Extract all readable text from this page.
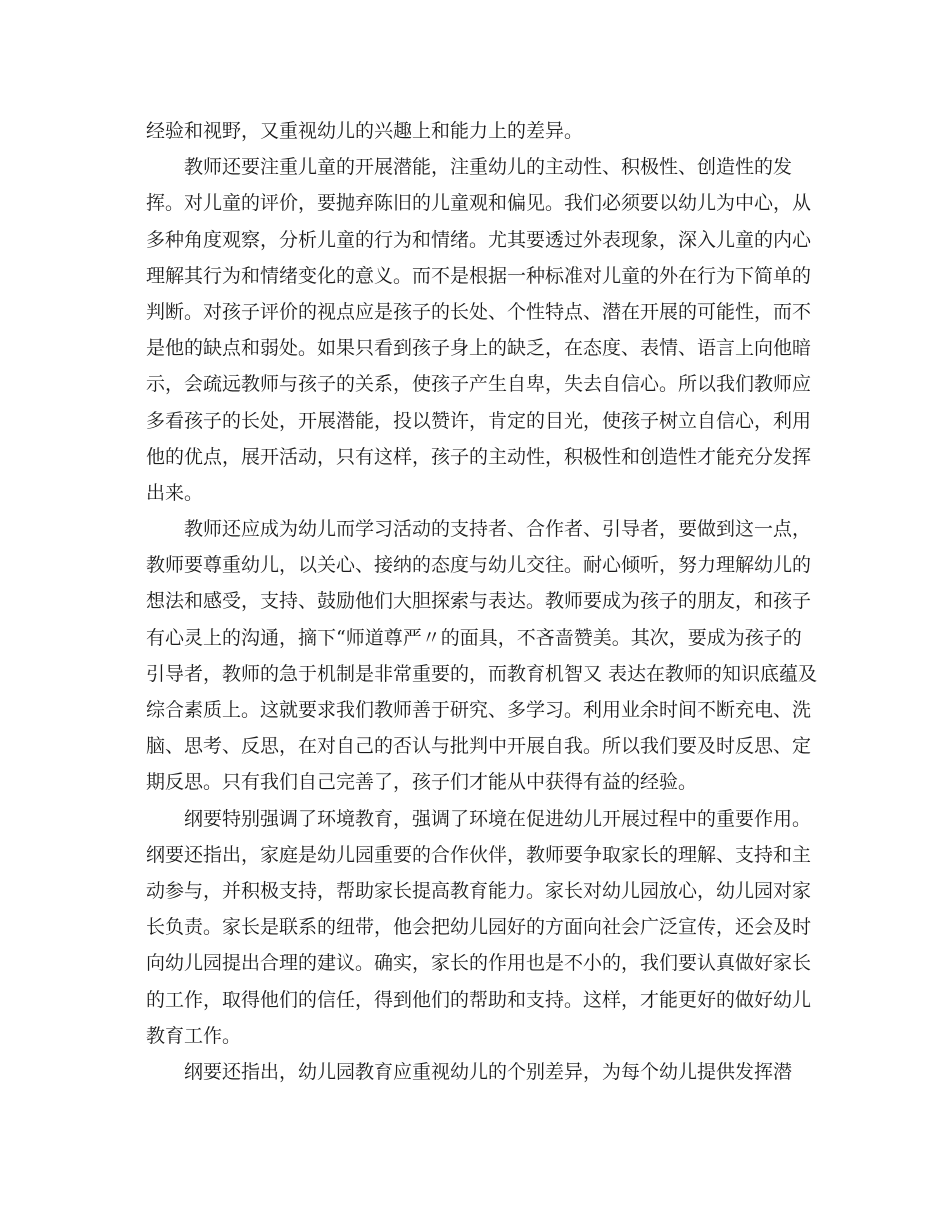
经验和视野，又重视幼儿的兴趣上和能力上的差异。
教师还要注重儿童的开展潜能，注重幼儿的主动性、积极性、创造性的发
挥。对儿童的评价，要抛弃陈旧的儿童观和偏见。我们必须要以幼儿为中心，从
多种角度观察，分析儿童的行为和情绪。尤其要透过外表现象，深入儿童的内心
理解其行为和情绪变化的意义。而不是根据一种标准对儿童的外在行为下简单的
判断。对孩子评价的视点应是孩子的长处、个性特点、潜在开展的可能性，而不
是他的缺点和弱处。如果只看到孩子身上的缺乏，在态度、表情、语言上向他暗
示，会疏远教师与孩子的关系，使孩子产生自卑，失去自信心。所以我们教师应
多看孩子的长处，开展潜能，投以赞许，肯定的目光，使孩子树立自信心，利用
他的优点，展开活动，只有这样，孩子的主动性，积极性和创造性才能充分发挥
出来。
教师还应成为幼儿而学习活动的支持者、合作者、引导者，要做到这一点，
教师要尊重幼儿，以关心、接纳的态度与幼儿交往。耐心倾听，努力理解幼儿的
想法和感受，支持、鼓励他们大胆探索与表达。教师要成为孩子的朋友，和孩子
有心灵上的沟通，摘下“师道尊严〃的面具，不吝啬赞美。其次，要成为孩子的
引导者，教师的急于机制是非常重要的，而教育机智又 表达在教师的知识底蕴及
综合素质上。这就要求我们教师善于研究、多学习。利用业余时间不断充电、洗
脑、思考、反思，在对自己的否认与批判中开展自我。所以我们要及时反思、定
期反思。只有我们自己完善了，孩子们才能从中获得有益的经验。
纲要特别强调了环境教育，强调了环境在促进幼儿开展过程中的重要作用。
纲要还指出，家庭是幼儿园重要的合作伙伴，教师要争取家长的理解、支持和主
动参与，并积极支持，帮助家长提高教育能力。家长对幼儿园放心，幼儿园对家
长负责。家长是联系的纽带，他会把幼儿园好的方面向社会广泛宣传，还会及时
向幼儿园提出合理的建议。确实，家长的作用也是不小的，我们要认真做好家长
的工作，取得他们的信任，得到他们的帮助和支持。这样，才能更好的做好幼儿
教育工作。
纲要还指出，幼儿园教育应重视幼儿的个别差异，为每个幼儿提供发挥潜
